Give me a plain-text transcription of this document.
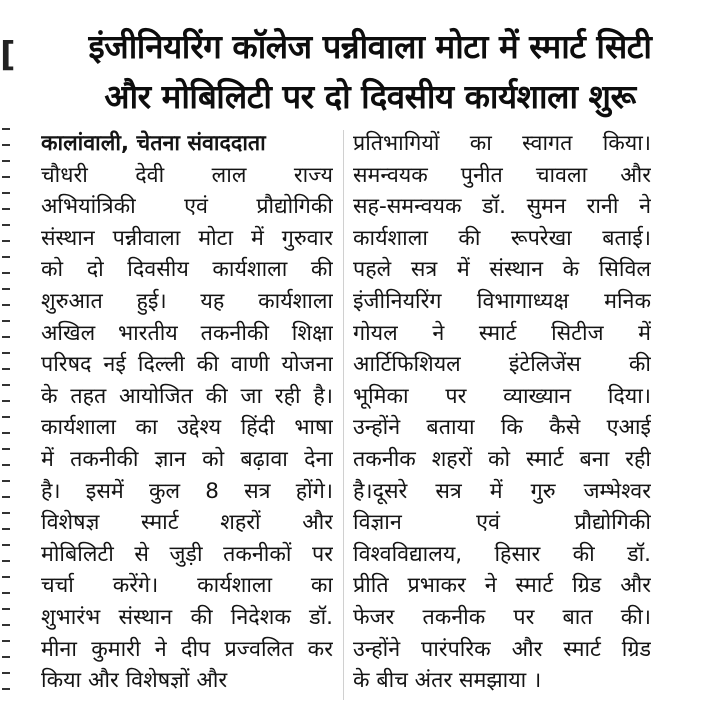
[	इंजीनियरिंग कॉलेज पन्नीवाला मोटा में स्मार्ट सिटी
और मोबिलिटी पर दो दिवसीय कार्यशाला शुरू
कालांवाली, चेतना संवाददाता
चौधरी देवी लाल राज्य
अभियांत्रिकी एवं प्रौद्योगिकी
संस्थान पन्नीवाला मोटा में गुरुवार
को दो दिवसीय कार्यशाला की
शुरुआत हुई। यह कार्यशाला
अखिल भारतीय तकनीकी शिक्षा
परिषद नई दिल्ली की वाणी योजना
के तहत आयोजित की जा रही है।
कार्यशाला का उद्देश्य हिंदी भाषा
में तकनीकी ज्ञान को बढ़ावा देना
है। इसमें कुल 8 सत्र होंगे।
विशेषज्ञ स्मार्ट शहरों और
मोबिलिटी से जुड़ी तकनीकों पर
चर्चा करेंगे। कार्यशाला का
शुभारंभ संस्थान की निदेशक डॉ.
मीना कुमारी ने दीप प्रज्वलित कर
किया और विशेषज्ञों और
प्रतिभागियों का स्वागत किया।
समन्वयक पुनीत चावला और
सह-समन्वयक डॉ. सुमन रानी ने
कार्यशाला की रूपरेखा बताई।
पहले सत्र में संस्थान के सिविल
इंजीनियरिंग विभागाध्यक्ष मनिक
गोयल ने स्मार्ट सिटीज में
आर्टिफिशियल इंटेलिजेंस की
भूमिका पर व्याख्यान दिया।
उन्होंने बताया कि कैसे एआई
तकनीक शहरों को स्मार्ट बना रही
है।दूसरे सत्र में गुरु जम्भेश्वर
विज्ञान एवं प्रौद्योगिकी
विश्वविद्यालय, हिसार की डॉ.
प्रीति प्रभाकर ने स्मार्ट ग्रिड और
फेजर तकनीक पर बात की।
उन्होंने पारंपरिक और स्मार्ट ग्रिड
के बीच अंतर समझाया ।
